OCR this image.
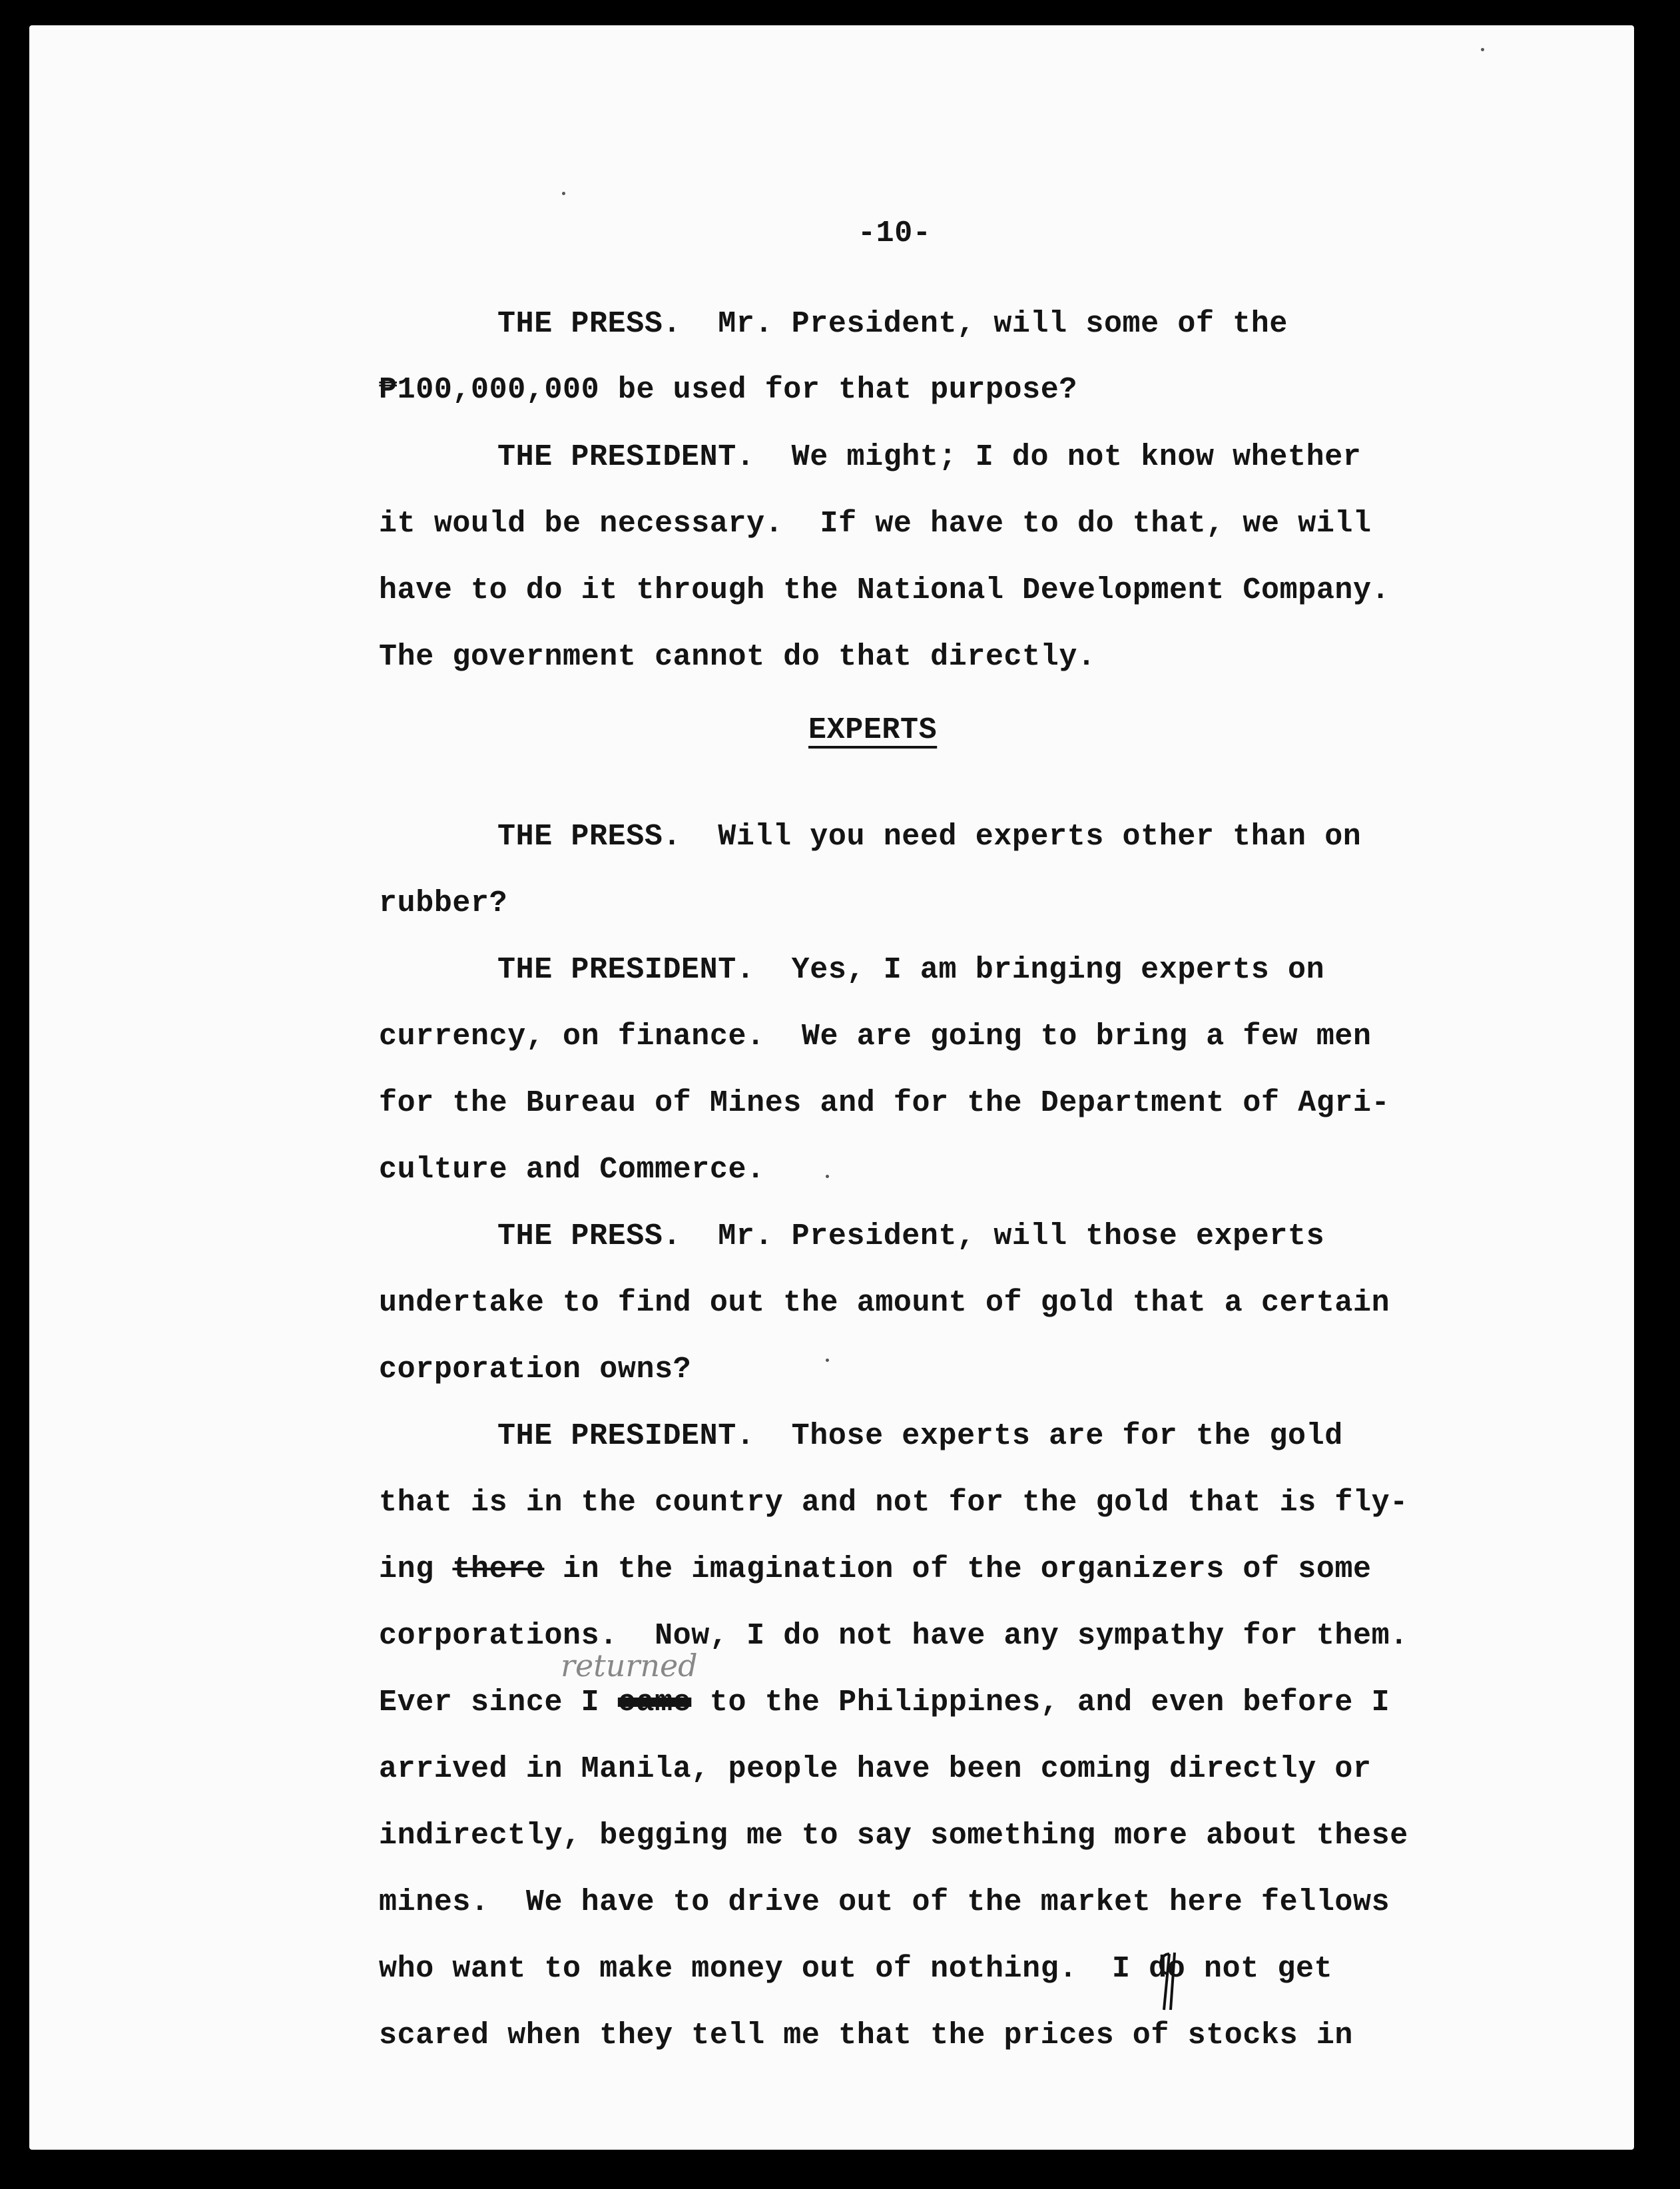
-10-
THE PRESS.  Mr. President, will some of the
₱100,000,000 be used for that purpose?
THE PRESIDENT.  We might; I do not know whether
it would be necessary.  If we have to do that, we will
have to do it through the National Development Company.
The government cannot do that directly.
EXPERTS
THE PRESS.  Will you need experts other than on
rubber?
THE PRESIDENT.  Yes, I am bringing experts on
currency, on finance.  We are going to bring a few men
for the Bureau of Mines and for the Department of Agri-
culture and Commerce.
THE PRESS.  Mr. President, will those experts
undertake to find out the amount of gold that a certain
corporation owns?
THE PRESIDENT.  Those experts are for the gold
that is in the country and not for the gold that is fly-
ing there in the imagination of the organizers of some
corporations.  Now, I do not have any sympathy for them.
returned
Ever since I came to the Philippines, and even before I
arrived in Manila, people have been coming directly or
indirectly, begging me to say something more about these
mines.  We have to drive out of the market here fellows
who want to make money out of nothing. I do not get
scared when they tell me that the prices of stocks in
